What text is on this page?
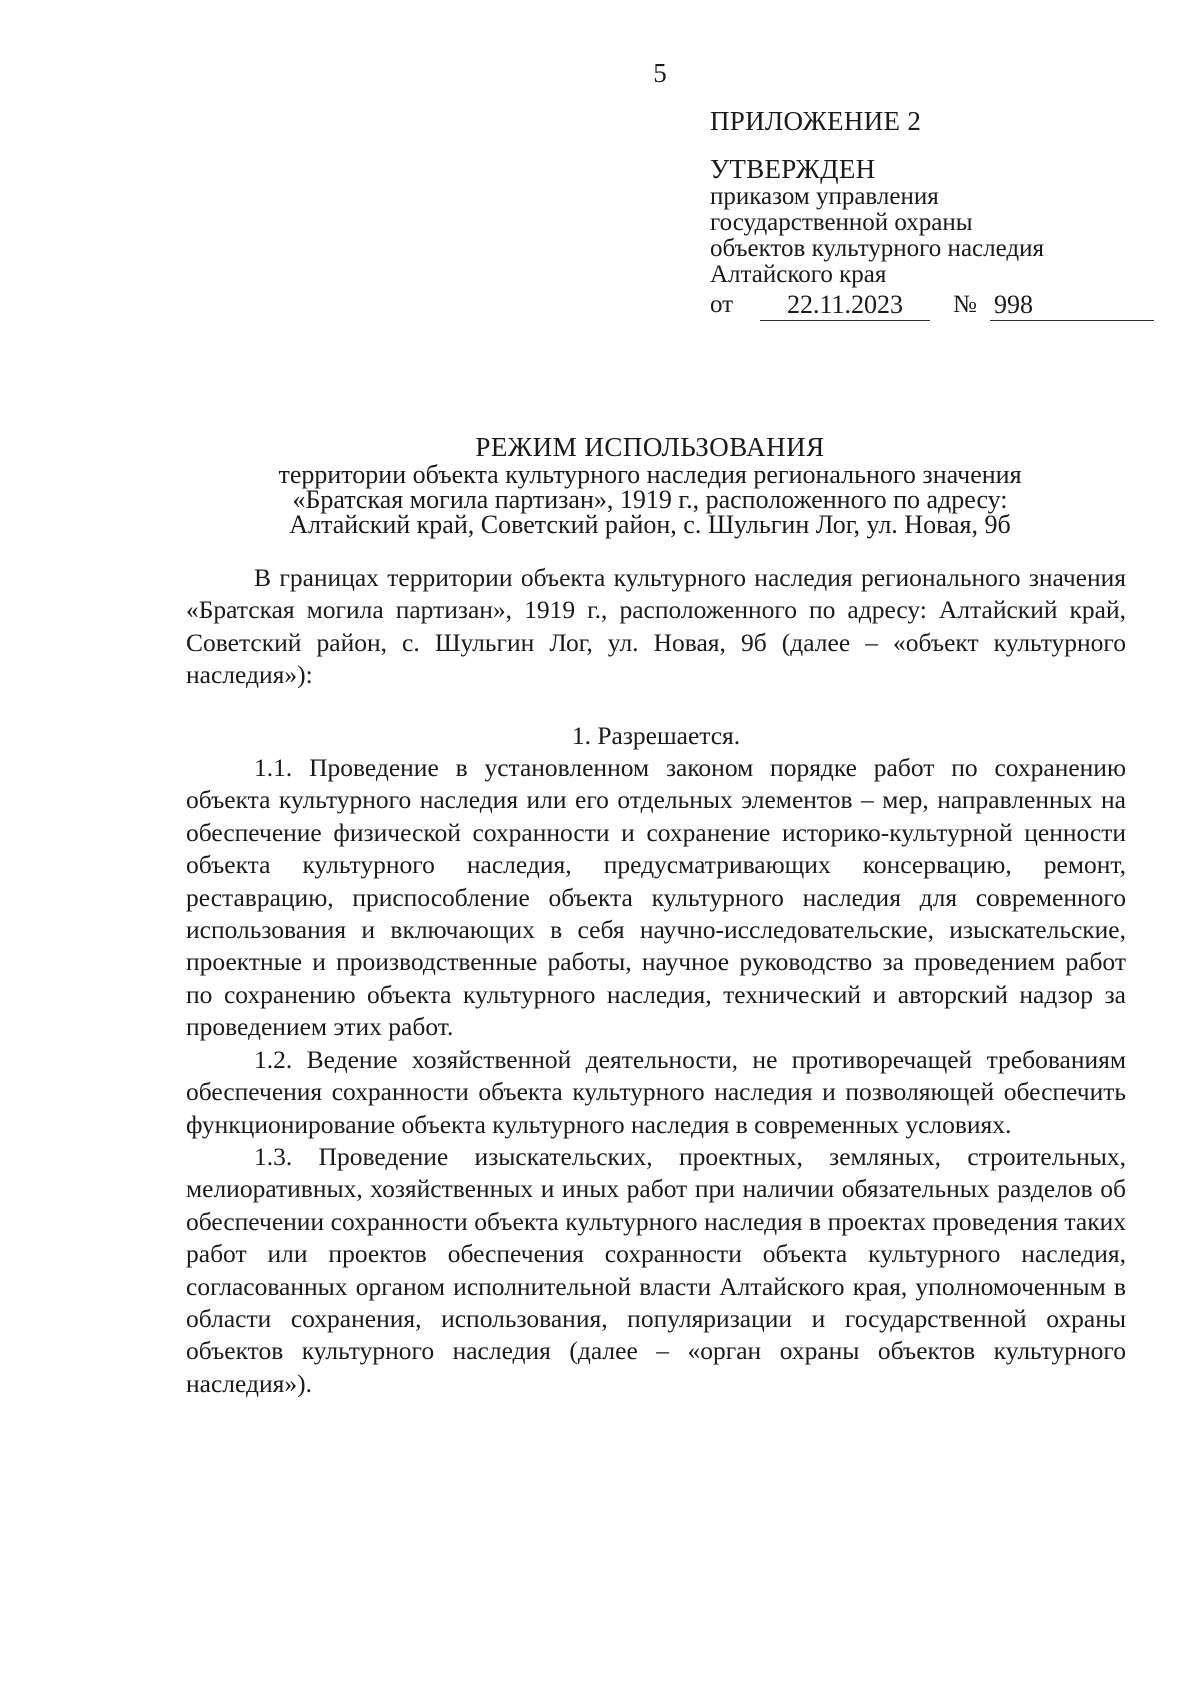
5
ПРИЛОЖЕНИЕ 2
УТВЕРЖДЕН
приказом управления
государственной охраны
объектов культурного наследия
Алтайского края
от	22.11.2023	№ 998
РЕЖИМ ИСПОЛЬЗОВАНИЯ
территории объекта культурного наследия регионального значения
«Братская могила партизан», 1919 г., расположенного по адресу:
Алтайский край, Советский район, с. Шульгин Лог, ул. Новая, 9б

В границах территории объекта культурного наследия регионального значения «Братская могила партизан», 1919 г., расположенного по адресу: Алтайский край, Советский район, с. Шульгин Лог, ул. Новая, 9б (далее – «объект культурного наследия»):

1. Разрешается.

1.1. Проведение в установленном законом порядке работ по сохранению объекта культурного наследия или его отдельных элементов – мер, направленных на обеспечение физической сохранности и сохранение историко-культурной ценности объекта культурного наследия, предусматривающих консервацию, ремонт, реставрацию, приспособление объекта культурного наследия для современного использования и включающих в себя научно-исследовательские, изыскательские, проектные и производственные работы, научное руководство за проведением работ по сохранению объекта культурного наследия, технический и авторский надзор за проведением этих работ.

1.2. Ведение хозяйственной деятельности, не противоречащей требованиям обеспечения сохранности объекта культурного наследия и позволяющей обеспечить функционирование объекта культурного наследия в современных условиях.

1.3. Проведение изыскательских, проектных, земляных, строительных, мелиоративных, хозяйственных и иных работ при наличии обязательных разделов об обеспечении сохранности объекта культурного наследия в проектах проведения таких работ или проектов обеспечения сохранности объекта культурного наследия, согласованных органом исполнительной власти Алтайского края, уполномоченным в области сохранения, использования, популяризации и государственной охраны объектов культурного наследия (далее – «орган охраны объектов культурного наследия»).
